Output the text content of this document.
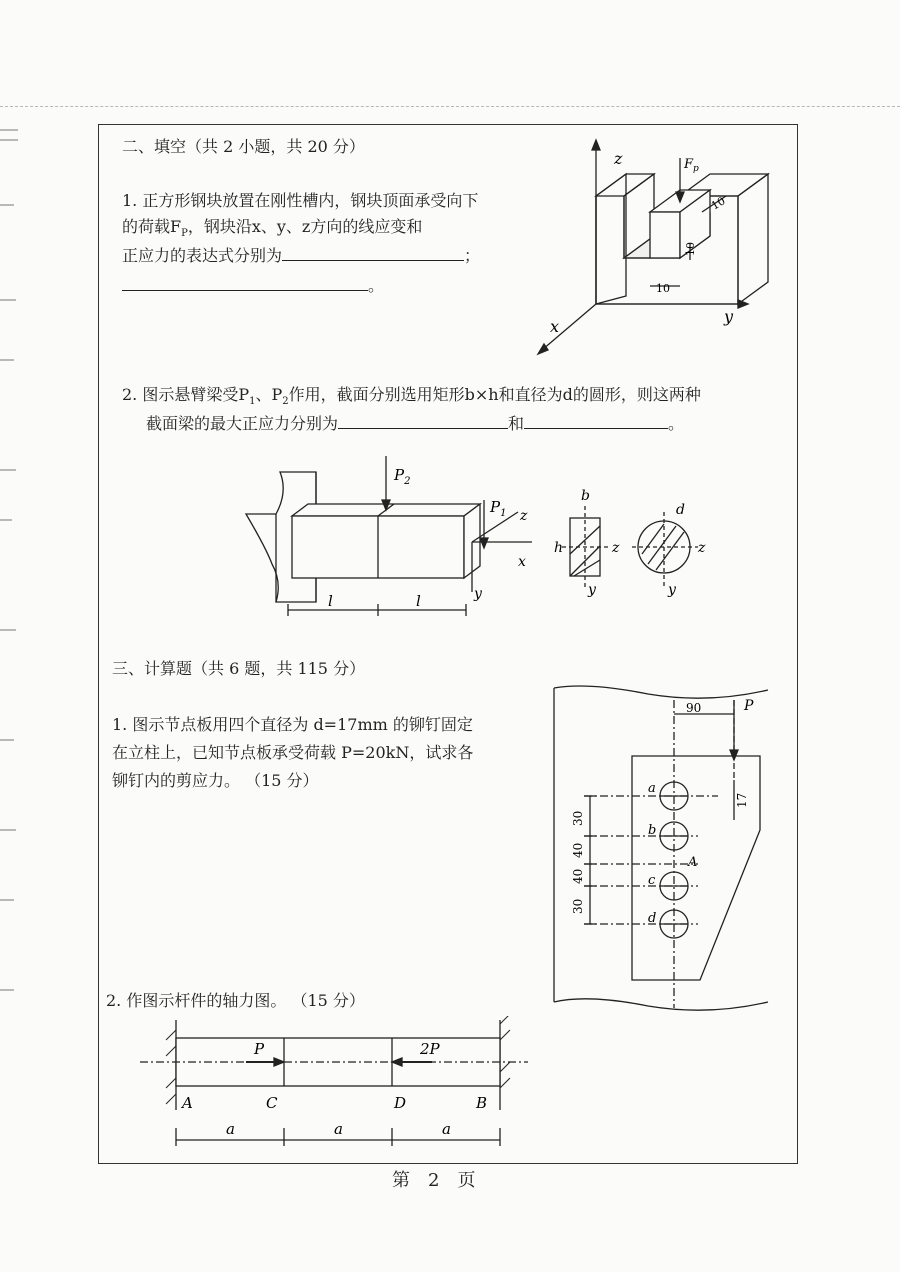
二、填空（共 2 小题，共 20 分）
1. 正方形钢块放置在刚性槽内，钢块顶面承受向下
的荷载$F_P$，钢块沿x、y、z方向的线应变和
正应力的表达式分别为	；
。
z
x
y
$F_p$
10
10
10
2. 图示悬臂梁受$P_1$、$P_2$作用，截面分别选用矩形b×h和直径为d的圆形，则这两种
截面梁的最大正应力分别为	和	。
$P_2$
$P_1$ z
x
y
l	l
b
h	z
y
d
z
y
三、计算题（共 6 题，共 115 分）
1. 图示节点板用四个直径为 d=17mm 的铆钉固定
在立柱上，已知节点板承受荷载 P=20kN，试求各
铆钉内的剪应力。 （15 分）
90	P
a
b
A
c
d
17
30
40
40
30
2. 作图示杆件的轴力图。 （15 分）
P	2P
A	C	D	B
a	a	a
第　2　页
